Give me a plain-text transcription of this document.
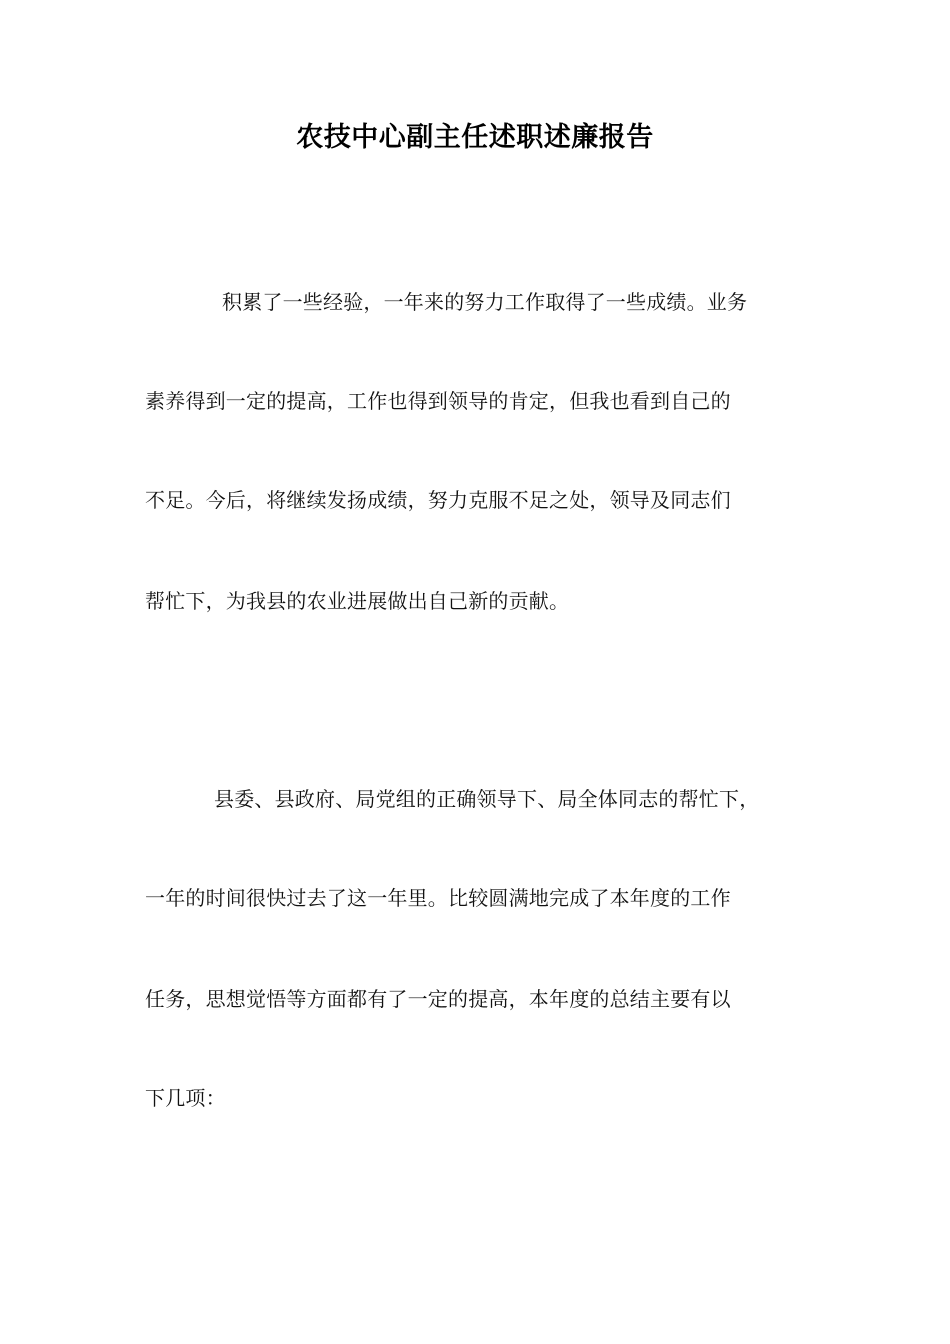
农技中心副主任述职述廉报告
积累了一些经验，一年来的努力工作取得了一些成绩。业务
素养得到一定的提高，工作也得到领导的肯定，但我也看到自己的
不足。今后，将继续发扬成绩，努力克服不足之处，领导及同志们
帮忙下，为我县的农业进展做出自己新的贡献。
县委、县政府、局党组的正确领导下、局全体同志的帮忙下，
一年的时间很快过去了这一年里。比较圆满地完成了本年度的工作
任务，思想觉悟等方面都有了一定的提高，本年度的总结主要有以
下几项：
